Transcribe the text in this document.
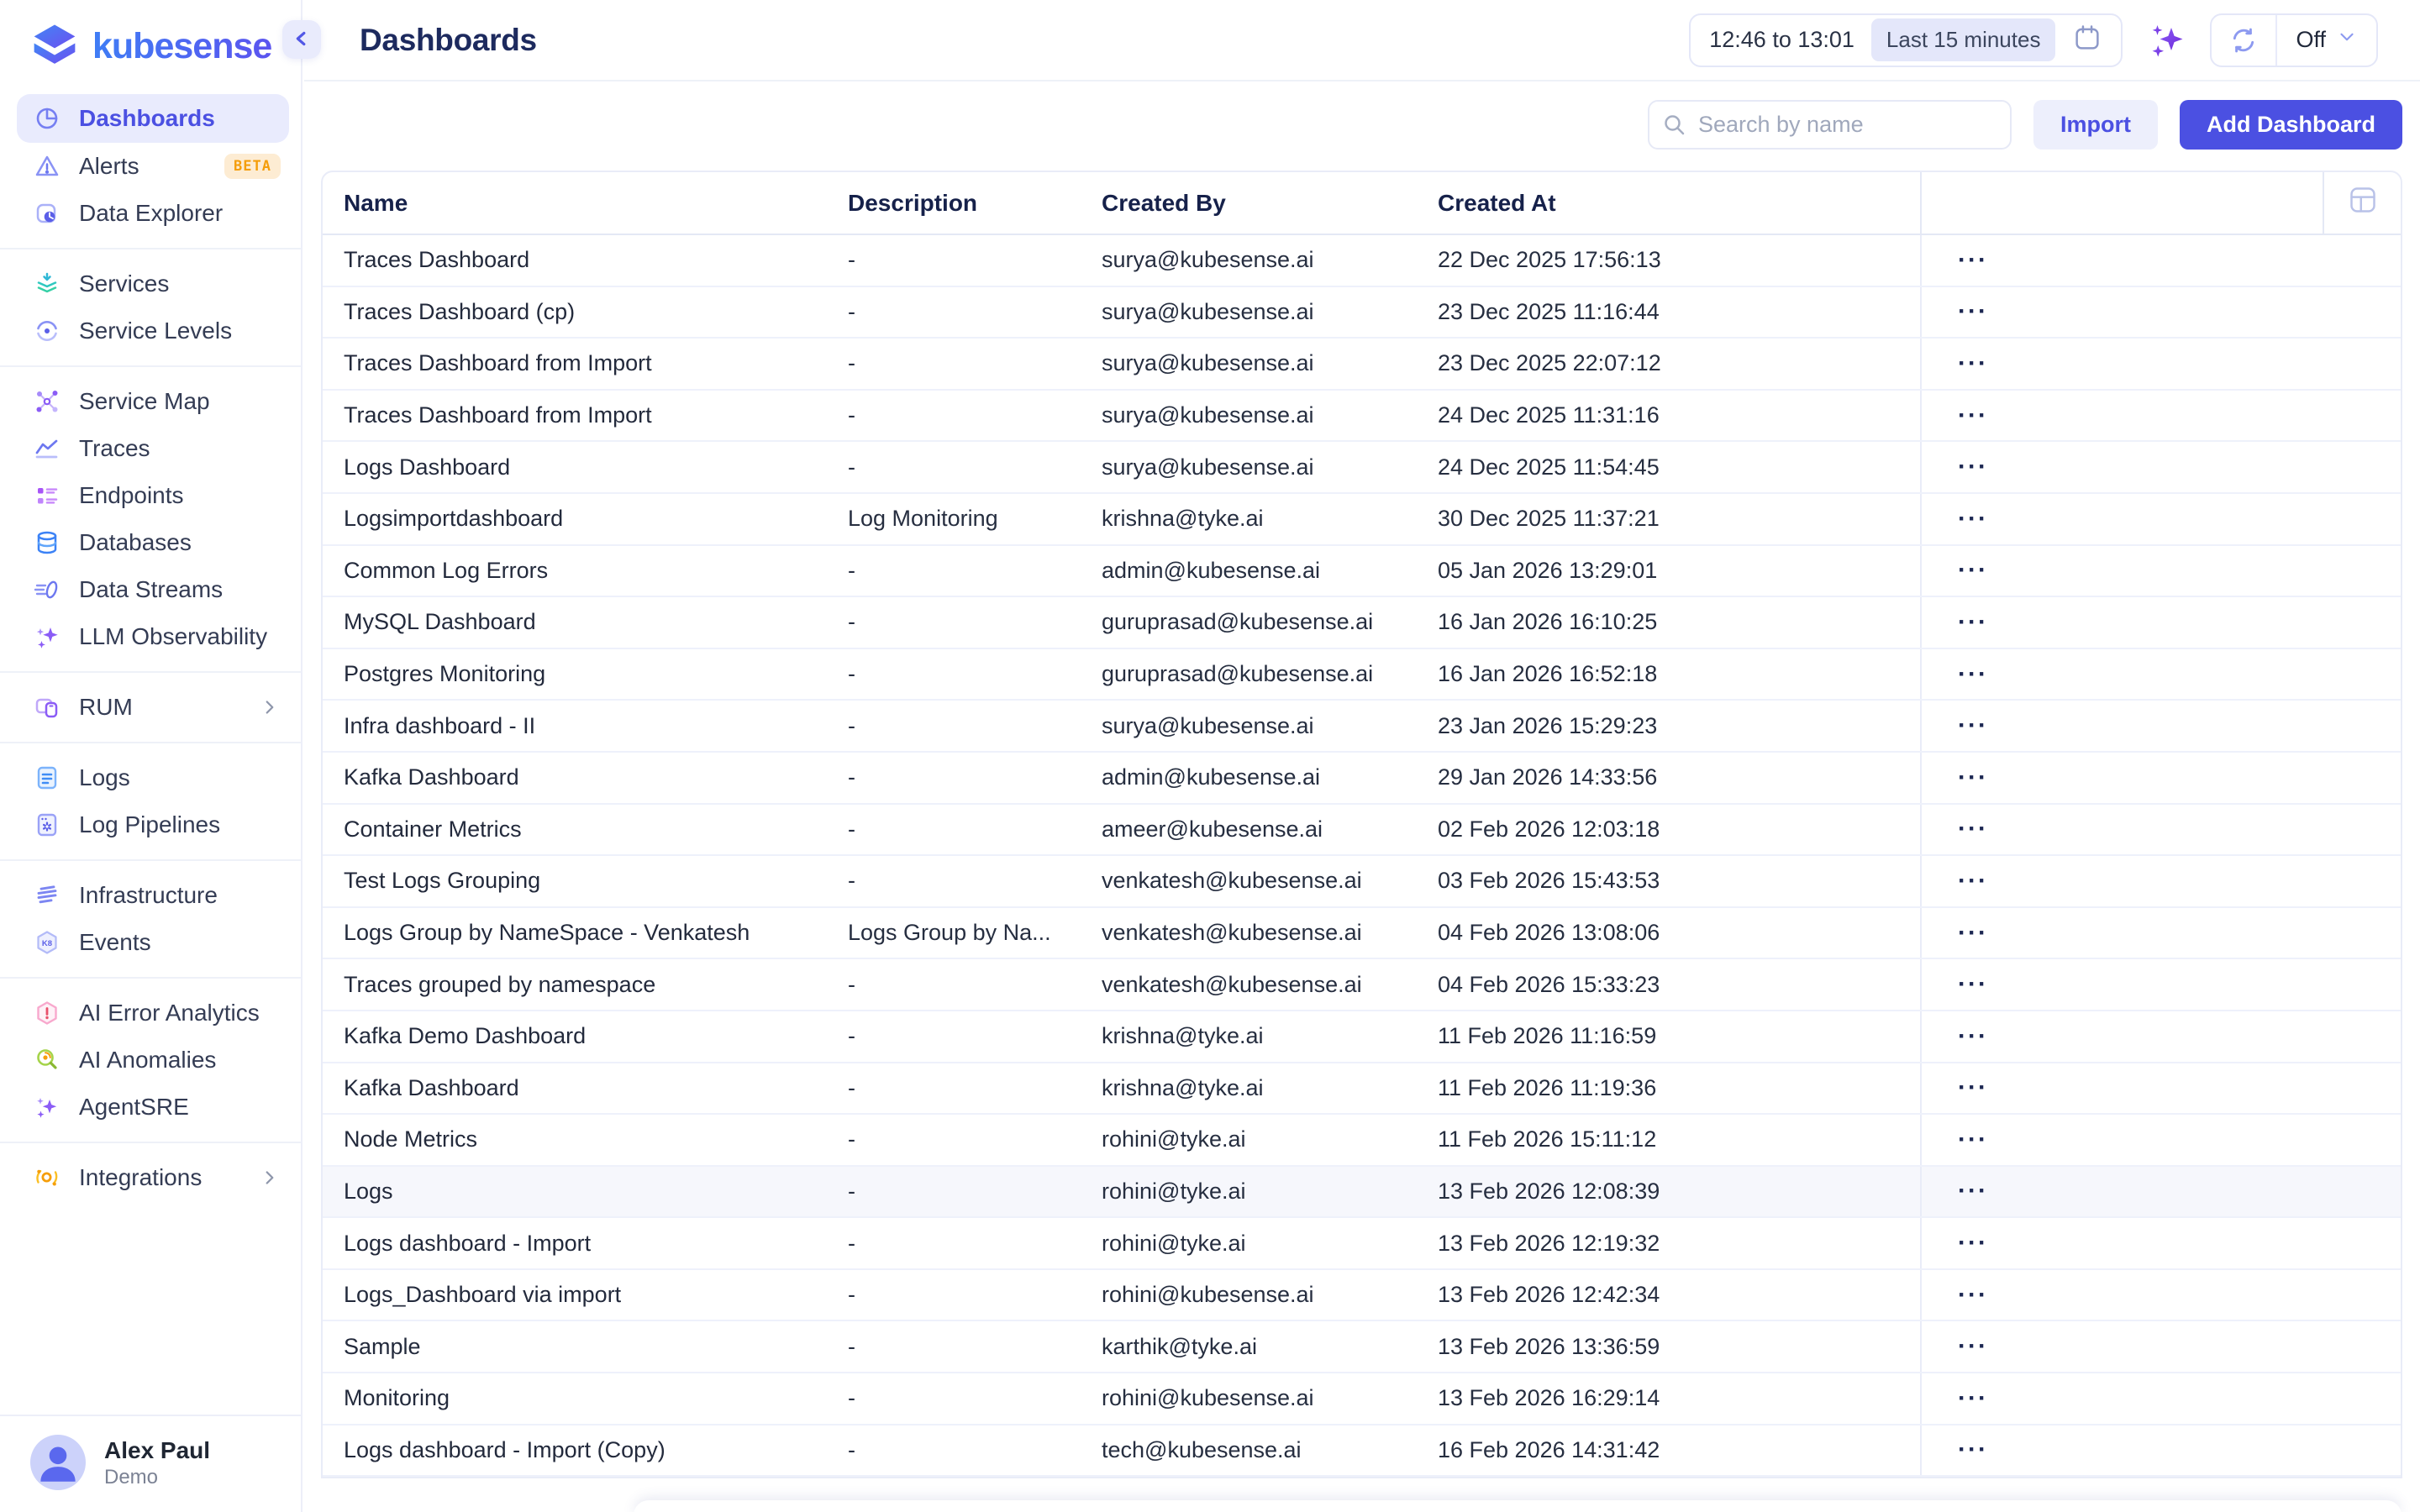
kubesense
Dashboards
Alerts	BETA
Data Explorer
Services
Service Levels
Service Map
Traces
Endpoints
Databases
Data Streams
LLM Observability
RUM
Logs
Log Pipelines
Infrastructure
K8 Events
AI Error Analytics
AI Anomalies
AgentSRE
Integrations
Alex Paul
Demo
Dashboards	12:46 to 13:01	Last 15 minutes	Off
Search by name
Import	Add Dashboard
Name	Description	Created By	Created At
Traces Dashboard	-	surya@kubesense.ai	22 Dec 2025 17:56:13	···
Traces Dashboard (cp)	-	surya@kubesense.ai	23 Dec 2025 11:16:44	···
Traces Dashboard from Import	-	surya@kubesense.ai	23 Dec 2025 22:07:12	···
Traces Dashboard from Import	-	surya@kubesense.ai	24 Dec 2025 11:31:16	···
Logs Dashboard	-	surya@kubesense.ai	24 Dec 2025 11:54:45	···
Logsimportdashboard	Log Monitoring	krishna@tyke.ai	30 Dec 2025 11:37:21	···
Common Log Errors	-	admin@kubesense.ai	05 Jan 2026 13:29:01	···
MySQL Dashboard	-	guruprasad@kubesense.ai	16 Jan 2026 16:10:25	···
Postgres Monitoring	-	guruprasad@kubesense.ai	16 Jan 2026 16:52:18	···
Infra dashboard - II	-	surya@kubesense.ai	23 Jan 2026 15:29:23	···
Kafka Dashboard	-	admin@kubesense.ai	29 Jan 2026 14:33:56	···
Container Metrics	-	ameer@kubesense.ai	02 Feb 2026 12:03:18	···
Test Logs Grouping	-	venkatesh@kubesense.ai	03 Feb 2026 15:43:53	···
Logs Group by NameSpace - Venkatesh	Logs Group by Na...	venkatesh@kubesense.ai	04 Feb 2026 13:08:06	···
Traces grouped by namespace	-	venkatesh@kubesense.ai	04 Feb 2026 15:33:23	···
Kafka Demo Dashboard	-	krishna@tyke.ai	11 Feb 2026 11:16:59	···
Kafka Dashboard	-	krishna@tyke.ai	11 Feb 2026 11:19:36	···
Node Metrics	-	rohini@tyke.ai	11 Feb 2026 15:11:12	···
Logs	-	rohini@tyke.ai	13 Feb 2026 12:08:39	···
Logs dashboard - Import	-	rohini@tyke.ai	13 Feb 2026 12:19:32	···
Logs_Dashboard via import	-	rohini@kubesense.ai	13 Feb 2026 12:42:34	···
Sample	-	karthik@tyke.ai	13 Feb 2026 13:36:59	···
Monitoring	-	rohini@kubesense.ai	13 Feb 2026 16:29:14	···
Logs dashboard - Import (Copy)	-	tech@kubesense.ai	16 Feb 2026 14:31:42	···
